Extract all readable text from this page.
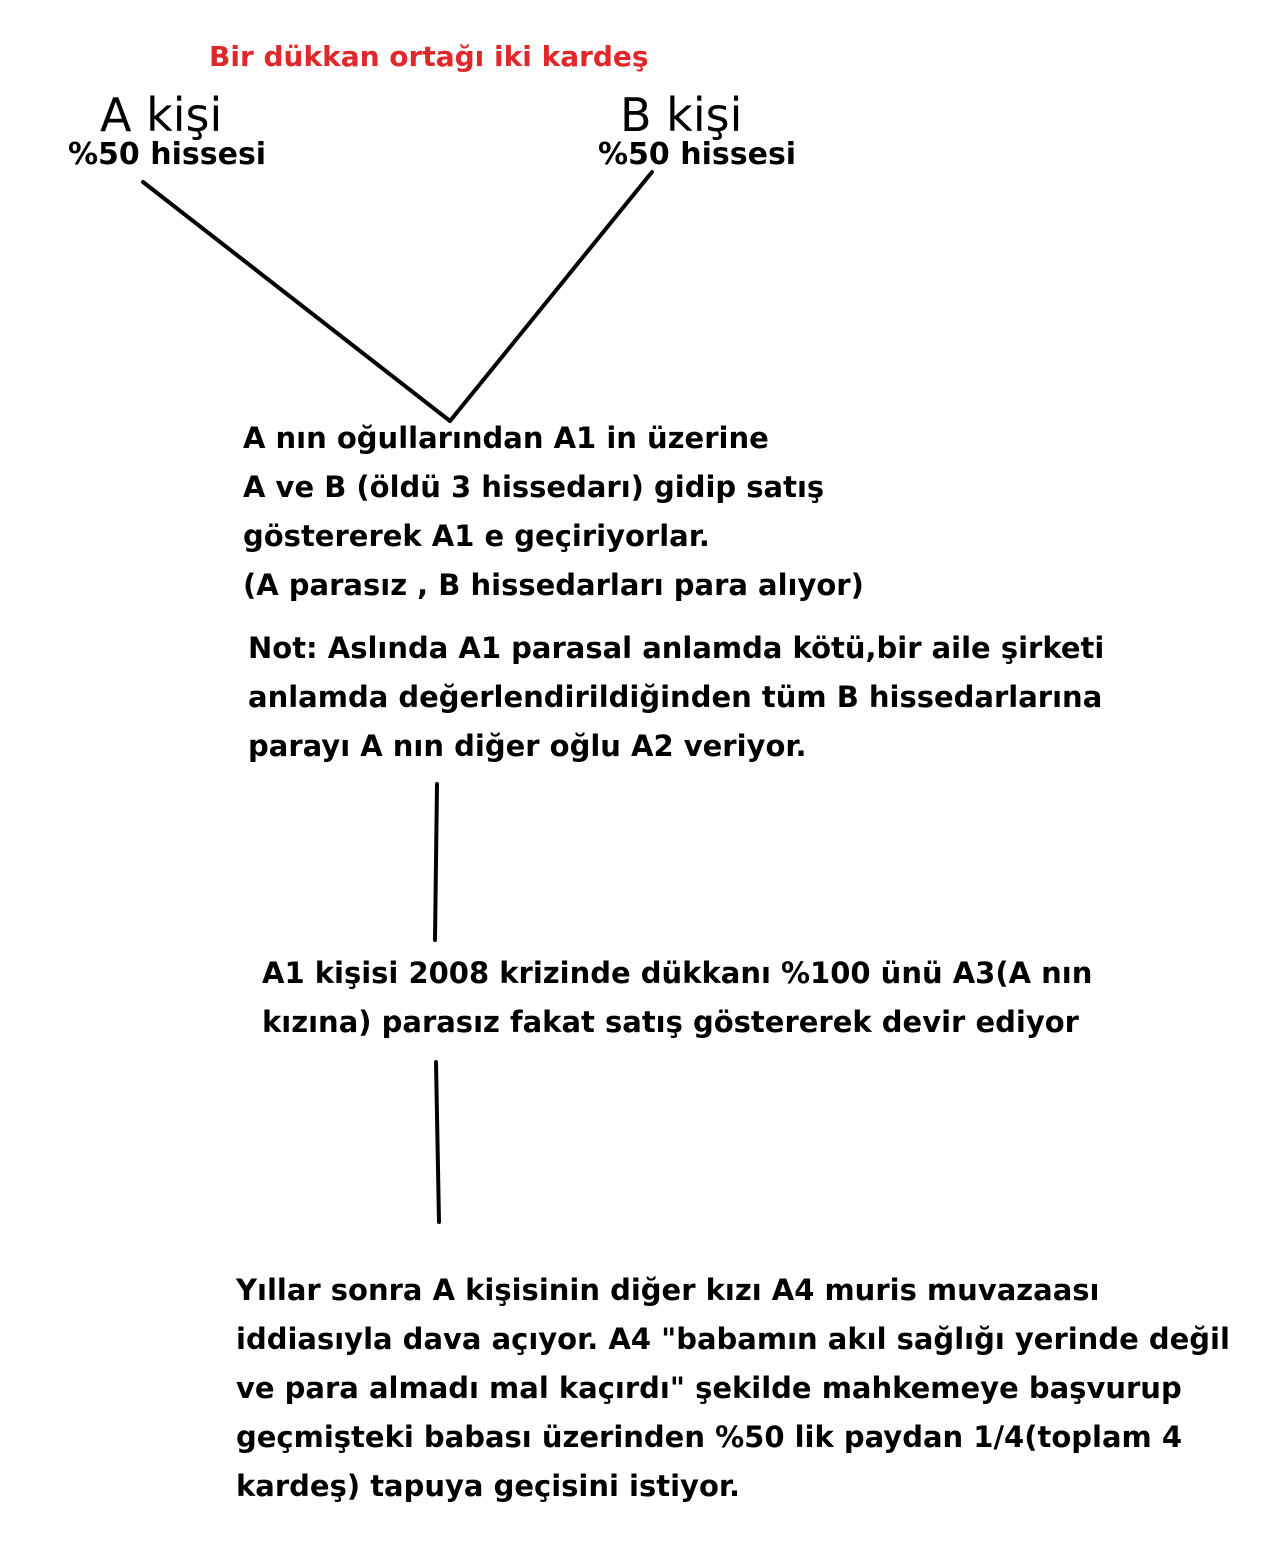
Bir dükkan ortağı iki kardeş
A kişi
%50 hissesi
B kişi
%50 hissesi
A nın oğullarından A1 in üzerine
A ve B (öldü 3 hissedarı) gidip satış
göstererek A1 e geçiriyorlar.
(A parasız , B hissedarları para alıyor)
Not: Aslında A1 parasal anlamda kötü,bir aile şirketi
anlamda değerlendirildiğinden tüm B hissedarlarına
parayı A nın diğer oğlu A2 veriyor.
A1 kişisi 2008 krizinde dükkanı %100 ünü A3(A nın
kızına) parasız fakat satış göstererek devir ediyor
Yıllar sonra A kişisinin diğer kızı A4 muris muvazaası
iddiasıyla dava açıyor. A4 "babamın akıl sağlığı yerinde değil
ve para almadı mal kaçırdı" şekilde mahkemeye başvurup
geçmişteki babası üzerinden %50 lik paydan 1/4(toplam 4
kardeş) tapuya geçisini istiyor.
